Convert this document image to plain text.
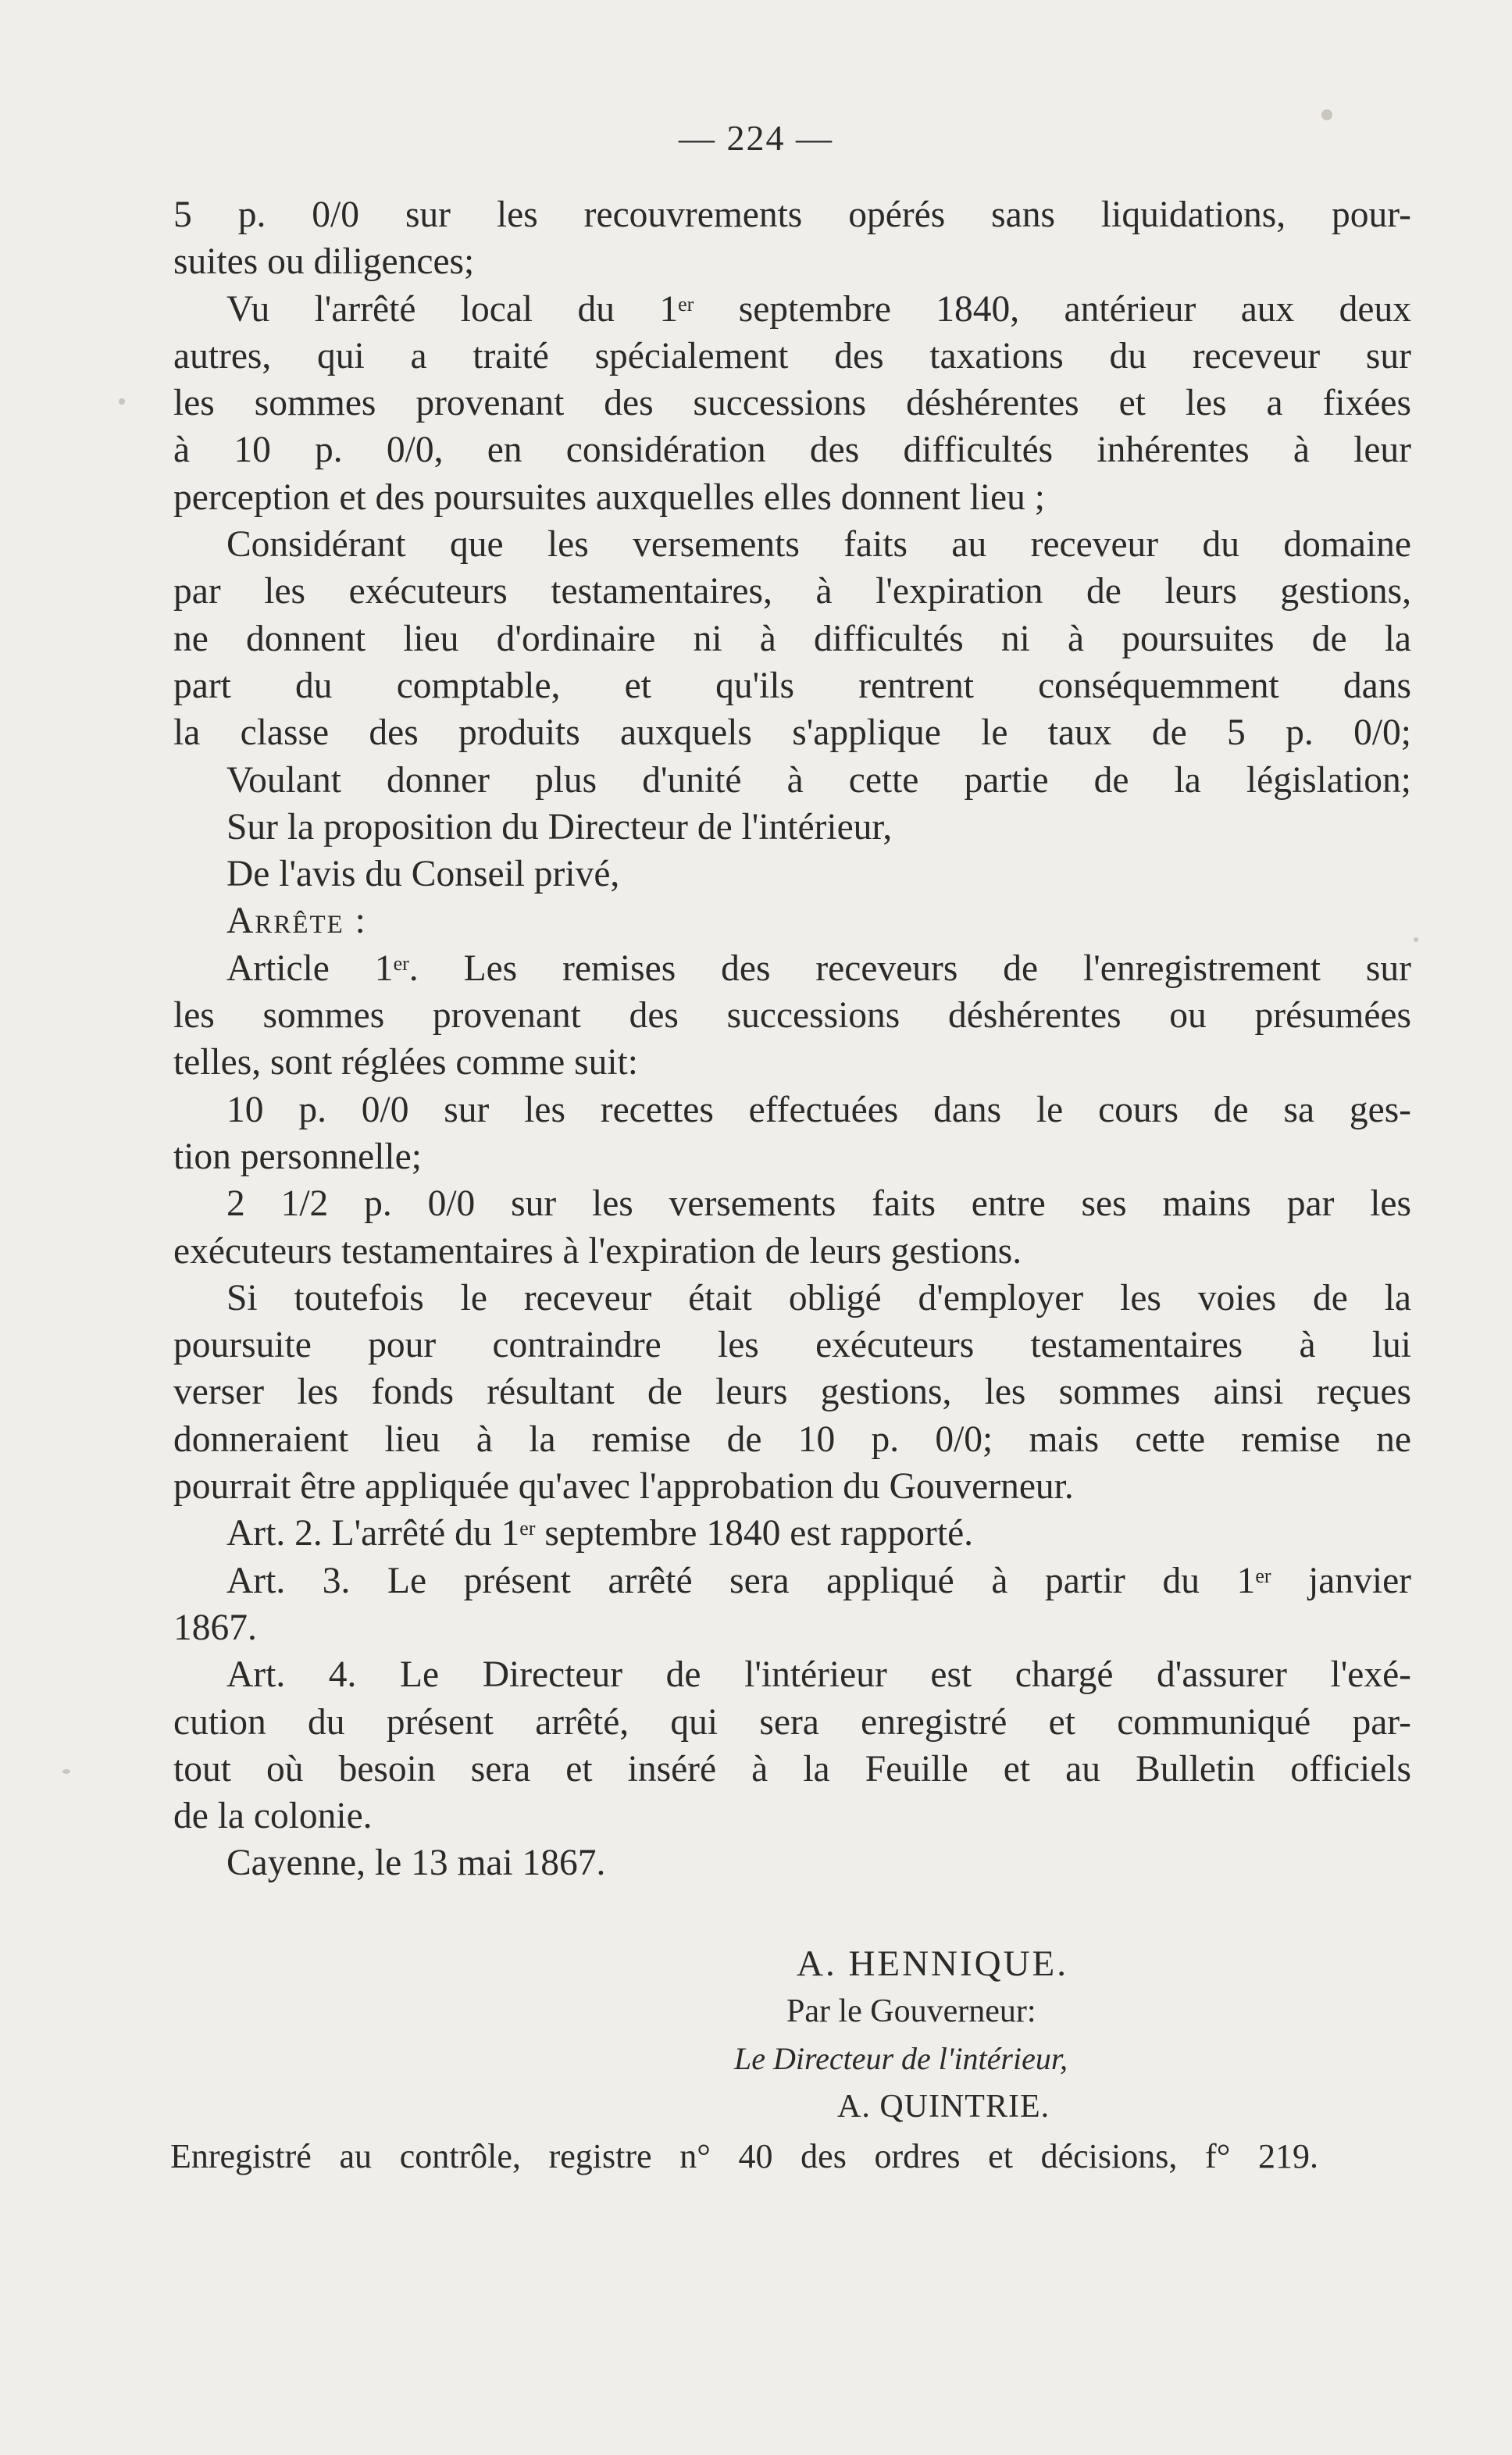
— 224 —
5 p. 0/0 sur les recouvrements opérés sans liquidations, pour-
suites ou diligences;
Vu l'arrêté local du 1er septembre 1840, antérieur aux deux
autres, qui a traité spécialement des taxations du receveur sur
les sommes provenant des successions déshérentes et les a fixées
à 10 p. 0/0, en considération des difficultés inhérentes à leur
perception et des poursuites auxquelles elles donnent lieu ;
Considérant que les versements faits au receveur du domaine
par les exécuteurs testamentaires, à l'expiration de leurs gestions,
ne donnent lieu d'ordinaire ni à difficultés ni à poursuites de la
part du comptable, et qu'ils rentrent conséquemment dans
la classe des produits auxquels s'applique le taux de 5 p. 0/0;
Voulant donner plus d'unité à cette partie de la législation;
Sur la proposition du Directeur de l'intérieur,
De l'avis du Conseil privé,
Arrête :
Article 1er. Les remises des receveurs de l'enregistrement sur
les sommes provenant des successions déshérentes ou présumées
telles, sont réglées comme suit:
10 p. 0/0 sur les recettes effectuées dans le cours de sa ges-
tion personnelle;
2 1/2 p. 0/0 sur les versements faits entre ses mains par les
exécuteurs testamentaires à l'expiration de leurs gestions.
Si toutefois le receveur était obligé d'employer les voies de la
poursuite pour contraindre les exécuteurs testamentaires à lui
verser les fonds résultant de leurs gestions, les sommes ainsi reçues
donneraient lieu à la remise de 10 p. 0/0; mais cette remise ne
pourrait être appliquée qu'avec l'approbation du Gouverneur.
Art. 2. L'arrêté du 1er septembre 1840 est rapporté.
Art. 3. Le présent arrêté sera appliqué à partir du 1er janvier
1867.
Art. 4. Le Directeur de l'intérieur est chargé d'assurer l'exé-
cution du présent arrêté, qui sera enregistré et communiqué par-
tout où besoin sera et inséré à la Feuille et au Bulletin officiels
de la colonie.
Cayenne, le 13 mai 1867.
A. HENNIQUE.
Par le Gouverneur:
Le Directeur de l'intérieur,
A. QUINTRIE.
Enregistré au contrôle, registre n° 40 des ordres et décisions, f° 219.
